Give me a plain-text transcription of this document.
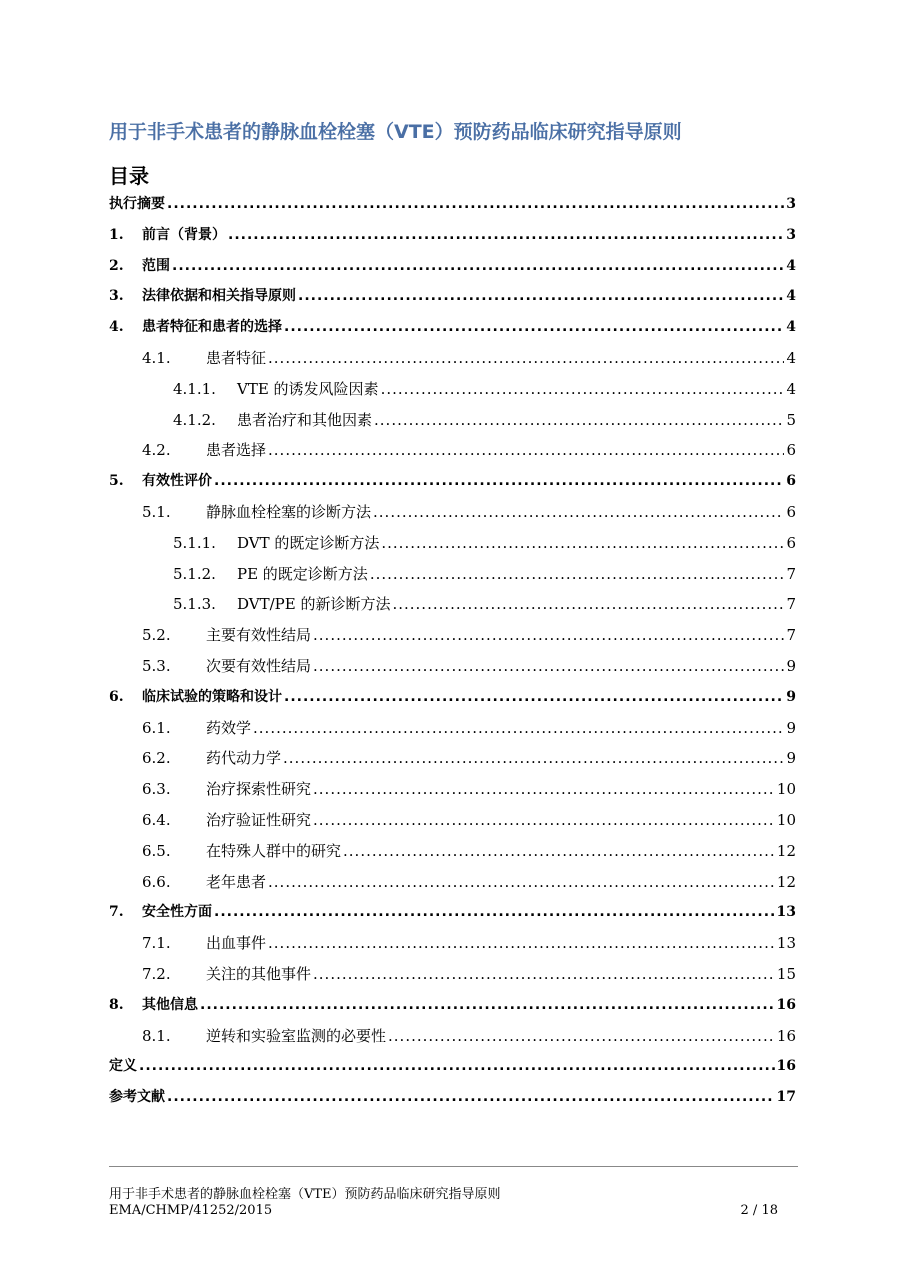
用于非手术患者的静脉血栓栓塞（VTE）预防药品临床研究指导原则
目录
执行摘要 .....	3
1.	前言（背景） .....	3
2.	范围 .....	4
3.	法律依据和相关指导原则 .....	4
4.	患者特征和患者的选择 .....	4
4.1.	患者特征 .....	4
4.1.1.	VTE 的诱发风险因素 .....	4
4.1.2.	患者治疗和其他因素 .....	5
4.2.	患者选择 .....	6
5.	有效性评价 .....	6
5.1.	静脉血栓栓塞的诊断方法 .....	6
5.1.1.	DVT 的既定诊断方法 .....	6
5.1.2.	PE 的既定诊断方法 .....	7
5.1.3.	DVT/PE 的新诊断方法 .....	7
5.2.	主要有效性结局 .....	7
5.3.	次要有效性结局 .....	9
6.	临床试验的策略和设计 .....	9
6.1.	药效学 .....	9
6.2.	药代动力学 .....	9
6.3.	治疗探索性研究 .....	10
6.4.	治疗验证性研究 .....	10
6.5.	在特殊人群中的研究 .....	12
6.6.	老年患者 .....	12
7.	安全性方面 .....	13
7.1.	出血事件 .....	13
7.2.	关注的其他事件 .....	15
8.	其他信息 .....	16
8.1.	逆转和实验室监测的必要性 .....	16
定义 .....	16
参考文献 .....	17
用于非手术患者的静脉血栓栓塞（VTE）预防药品临床研究指导原则
EMA/CHMP/41252/2015	2 / 18
